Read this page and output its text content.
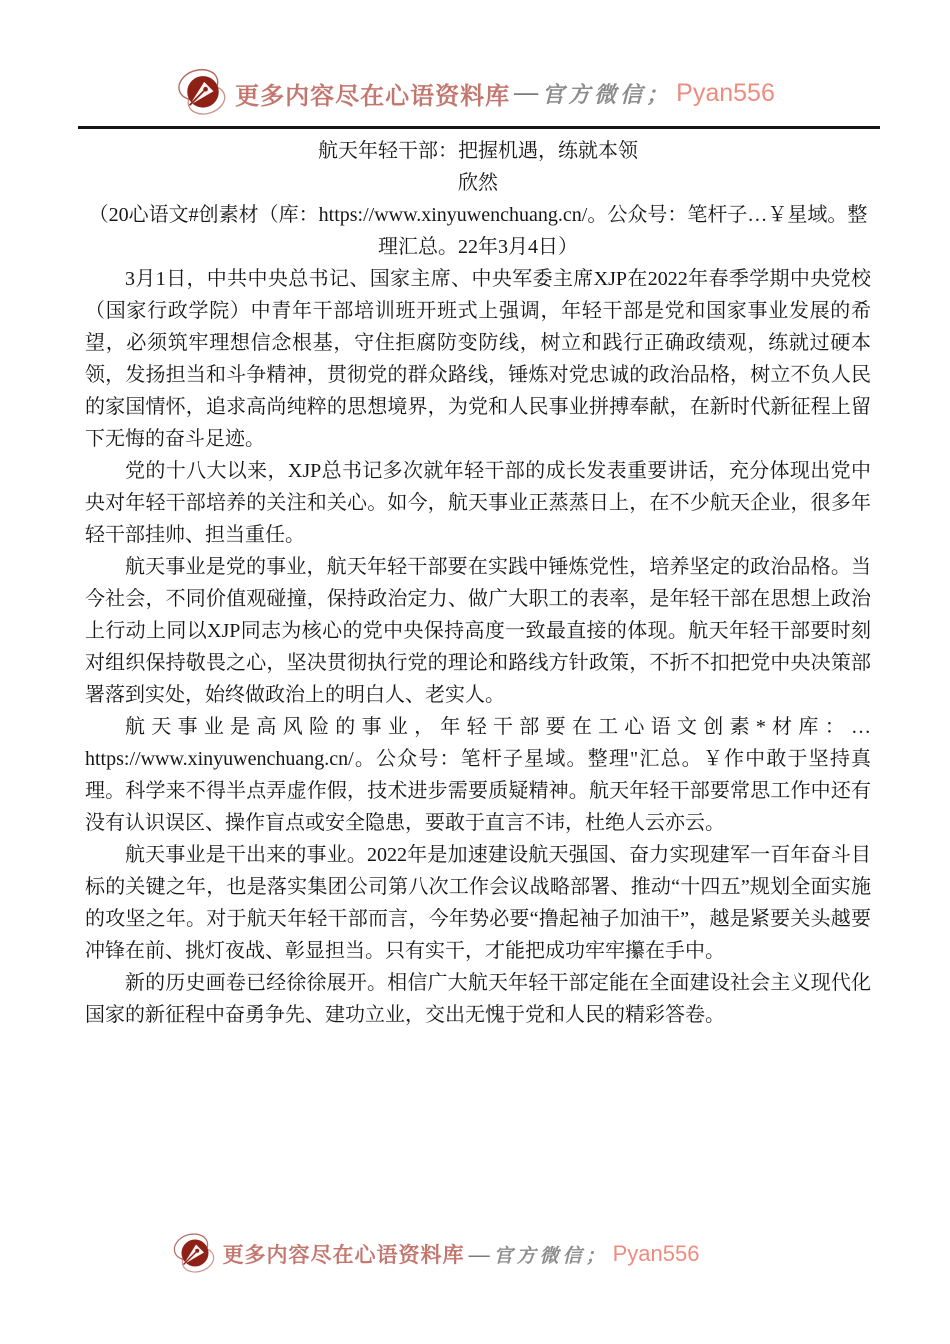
更多内容尽在心语资料库 — 官方微信； Pyan556
航天年轻干部：把握机遇，练就本领
欣然
（20心语文#创素材（库：https://www.xinyuwenchuang.cn/。公众号：笔杆子…￥星域。整理汇总。22年3月4日）

3月1日，中共中央总书记、国家主席、中央军委主席XJP在2022年春季学期中央党校（国家行政学院）中青年干部培训班开班式上强调，年轻干部是党和国家事业发展的希望，必须筑牢理想信念根基，守住拒腐防变防线，树立和践行正确政绩观，练就过硬本领，发扬担当和斗争精神，贯彻党的群众路线，锤炼对党忠诚的政治品格，树立不负人民的家国情怀，追求高尚纯粹的思想境界，为党和人民事业拼搏奉献，在新时代新征程上留下无悔的奋斗足迹。

党的十八大以来，XJP总书记多次就年轻干部的成长发表重要讲话，充分体现出党中央对年轻干部培养的关注和关心。如今，航天事业正蒸蒸日上，在不少航天企业，很多年轻干部挂帅、担当重任。

航天事业是党的事业，航天年轻干部要在实践中锤炼党性，培养坚定的政治品格。当今社会，不同价值观碰撞，保持政治定力、做广大职工的表率，是年轻干部在思想上政治上行动上同以XJP同志为核心的党中央保持高度一致最直接的体现。航天年轻干部要时刻对组织保持敬畏之心，坚决贯彻执行党的理论和路线方针政策，不折不扣把党中央决策部署落到实处，始终做政治上的明白人、老实人。

航天事业是高风险的事业，年轻干部要在工心语文创素*材库：…https://www.xinyuwenchuang.cn/。公众号：笔杆子星域。整理"汇总。￥作中敢于坚持真理。科学来不得半点弄虚作假，技术进步需要质疑精神。航天年轻干部要常思工作中还有没有认识误区、操作盲点或安全隐患，要敢于直言不讳，杜绝人云亦云。

航天事业是干出来的事业。2022年是加速建设航天强国、奋力实现建军一百年奋斗目标的关键之年，也是落实集团公司第八次工作会议战略部署、推动“十四五”规划全面实施的攻坚之年。对于航天年轻干部而言，今年势必要“撸起袖子加油干”，越是紧要关头越要冲锋在前、挑灯夜战、彰显担当。只有实干，才能把成功牢牢攥在手中。

新的历史画卷已经徐徐展开。相信广大航天年轻干部定能在全面建设社会主义现代化国家的新征程中奋勇争先、建功立业，交出无愧于党和人民的精彩答卷。

更多内容尽在心语资料库 — 官方微信； Pyan556
